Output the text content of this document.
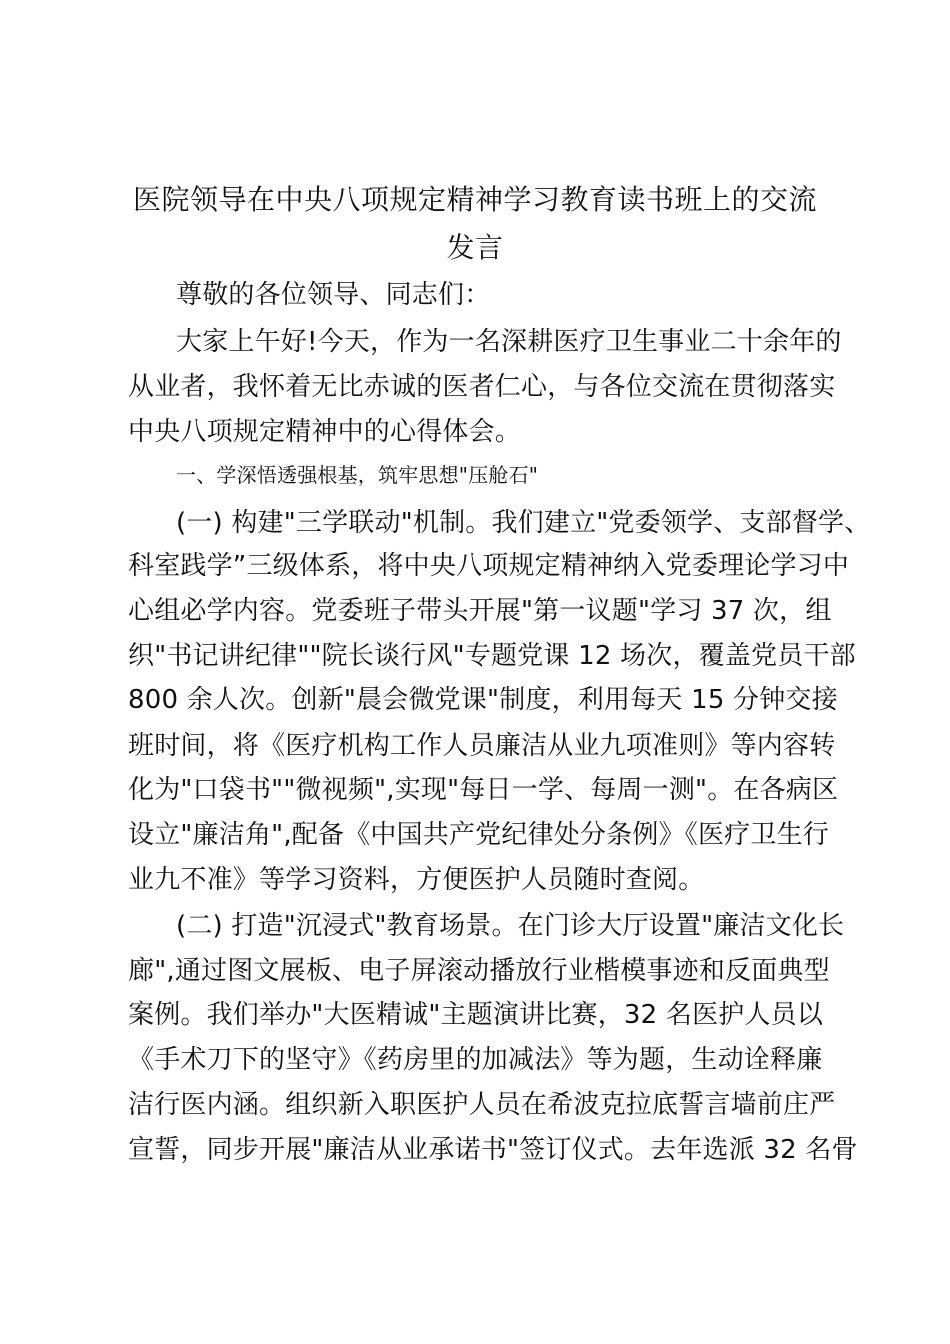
医院领导在中央八项规定精神学习教育读书班上的交流
发言
尊敬的各位领导、同志们：
大家上午好!今天，作为一名深耕医疗卫生事业二十余年的
从业者，我怀着无比赤诚的医者仁心，与各位交流在贯彻落实
中央八项规定精神中的心得体会。
一、学深悟透强根基，筑牢思想"压舱石"
(一) 构建"三学联动"机制。我们建立"党委领学、支部督学、
科室践学”三级体系，将中央八项规定精神纳入党委理论学习中
心组必学内容。党委班子带头开展"第一议题"学习 37 次，组
织"书记讲纪律""院长谈行风"专题党课 12 场次，覆盖党员干部
800 余人次。创新"晨会微党课"制度，利用每天 15 分钟交接
班时间，将《医疗机构工作人员廉洁从业九项准则》等内容转
化为"口袋书""微视频",实现"每日一学、每周一测"。在各病区
设立"廉洁角",配备《中国共产党纪律处分条例》《医疗卫生行
业九不准》等学习资料，方便医护人员随时查阅。
(二) 打造"沉浸式"教育场景。在门诊大厅设置"廉洁文化长
廊",通过图文展板、电子屏滚动播放行业楷模事迹和反面典型
案例。我们举办"大医精诚"主题演讲比赛，32 名医护人员以
《手术刀下的坚守》《药房里的加减法》等为题，生动诠释廉
洁行医内涵。组织新入职医护人员在希波克拉底誓言墙前庄严
宣誓，同步开展"廉洁从业承诺书"签订仪式。去年选派 32 名骨
